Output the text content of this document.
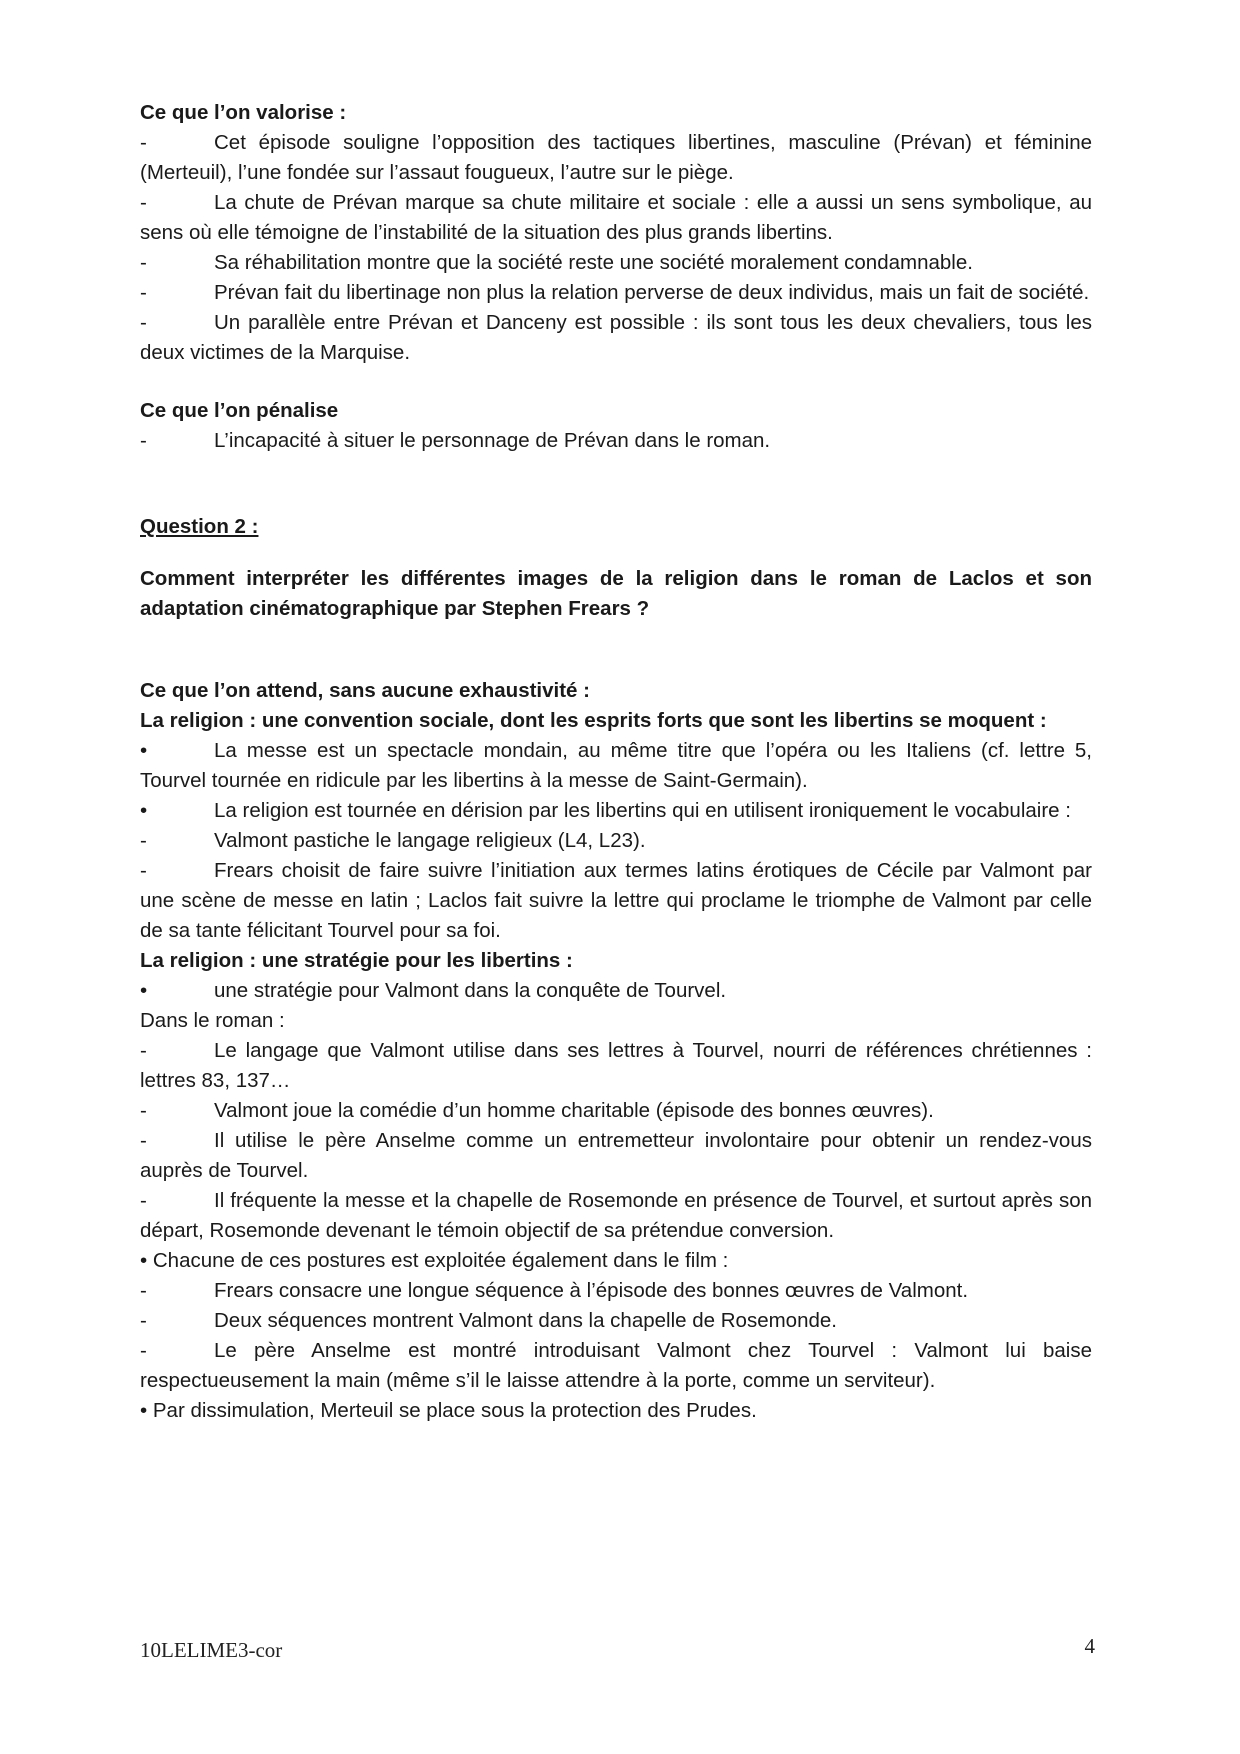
Ce que l’on valorise :

-	Cet épisode souligne l’opposition des tactiques libertines, masculine (Prévan) et féminine (Merteuil), l’une fondée sur l’assaut fougueux, l’autre sur le piège.

-	La chute de Prévan marque sa chute militaire et sociale : elle a aussi un sens symbolique, au sens où elle témoigne de l’instabilité de la situation des plus grands libertins.

-	Sa réhabilitation montre que la société reste une société moralement condamnable.

-	Prévan fait du libertinage non plus la relation perverse de deux individus, mais un fait de société.

-	Un parallèle entre Prévan et Danceny est possible : ils sont tous les deux chevaliers, tous les deux victimes de la Marquise.

Ce que l’on pénalise

-	L’incapacité à situer le personnage de Prévan dans le roman.

Question 2 :

Comment interpréter les différentes images de la religion dans le roman de Laclos et son adaptation cinématographique par Stephen Frears ?

Ce que l’on attend, sans aucune exhaustivité :

La religion : une convention sociale, dont les esprits forts que sont les libertins se moquent :

•	La messe est un spectacle mondain, au même titre que l’opéra ou les Italiens (cf. lettre 5, Tourvel tournée en ridicule par les libertins à la messe de Saint-Germain).

•	La religion est tournée en dérision par les libertins qui en utilisent ironiquement le vocabulaire :

-	Valmont pastiche le langage religieux (L4, L23).

-	Frears choisit de faire suivre l’initiation aux termes latins érotiques de Cécile par Valmont par une scène de messe en latin ; Laclos fait suivre la lettre qui proclame le triomphe de Valmont par celle de sa tante félicitant Tourvel pour sa foi.

La religion : une stratégie pour les libertins :

•	une stratégie pour Valmont dans la conquête de Tourvel.

Dans le roman :

-	Le langage que Valmont utilise dans ses lettres à Tourvel, nourri de références chrétiennes : lettres 83, 137…

-	Valmont joue la comédie d’un homme charitable (épisode des bonnes œuvres).

-	Il utilise le père Anselme comme un entremetteur involontaire pour obtenir un rendez-vous auprès de Tourvel.

-	Il fréquente la messe et la chapelle de Rosemonde en présence de Tourvel, et surtout après son départ, Rosemonde devenant le témoin objectif de sa prétendue conversion.

• Chacune de ces postures est exploitée également dans le film :

-	Frears consacre une longue séquence à l’épisode des bonnes œuvres de Valmont.

-	Deux séquences montrent Valmont dans la chapelle de Rosemonde.

-	Le père Anselme est montré introduisant Valmont chez Tourvel : Valmont lui baise respectueusement la main (même s’il le laisse attendre à la porte, comme un serviteur).

• Par dissimulation, Merteuil se place sous la protection des Prudes.

10LELIME3-cor	4
